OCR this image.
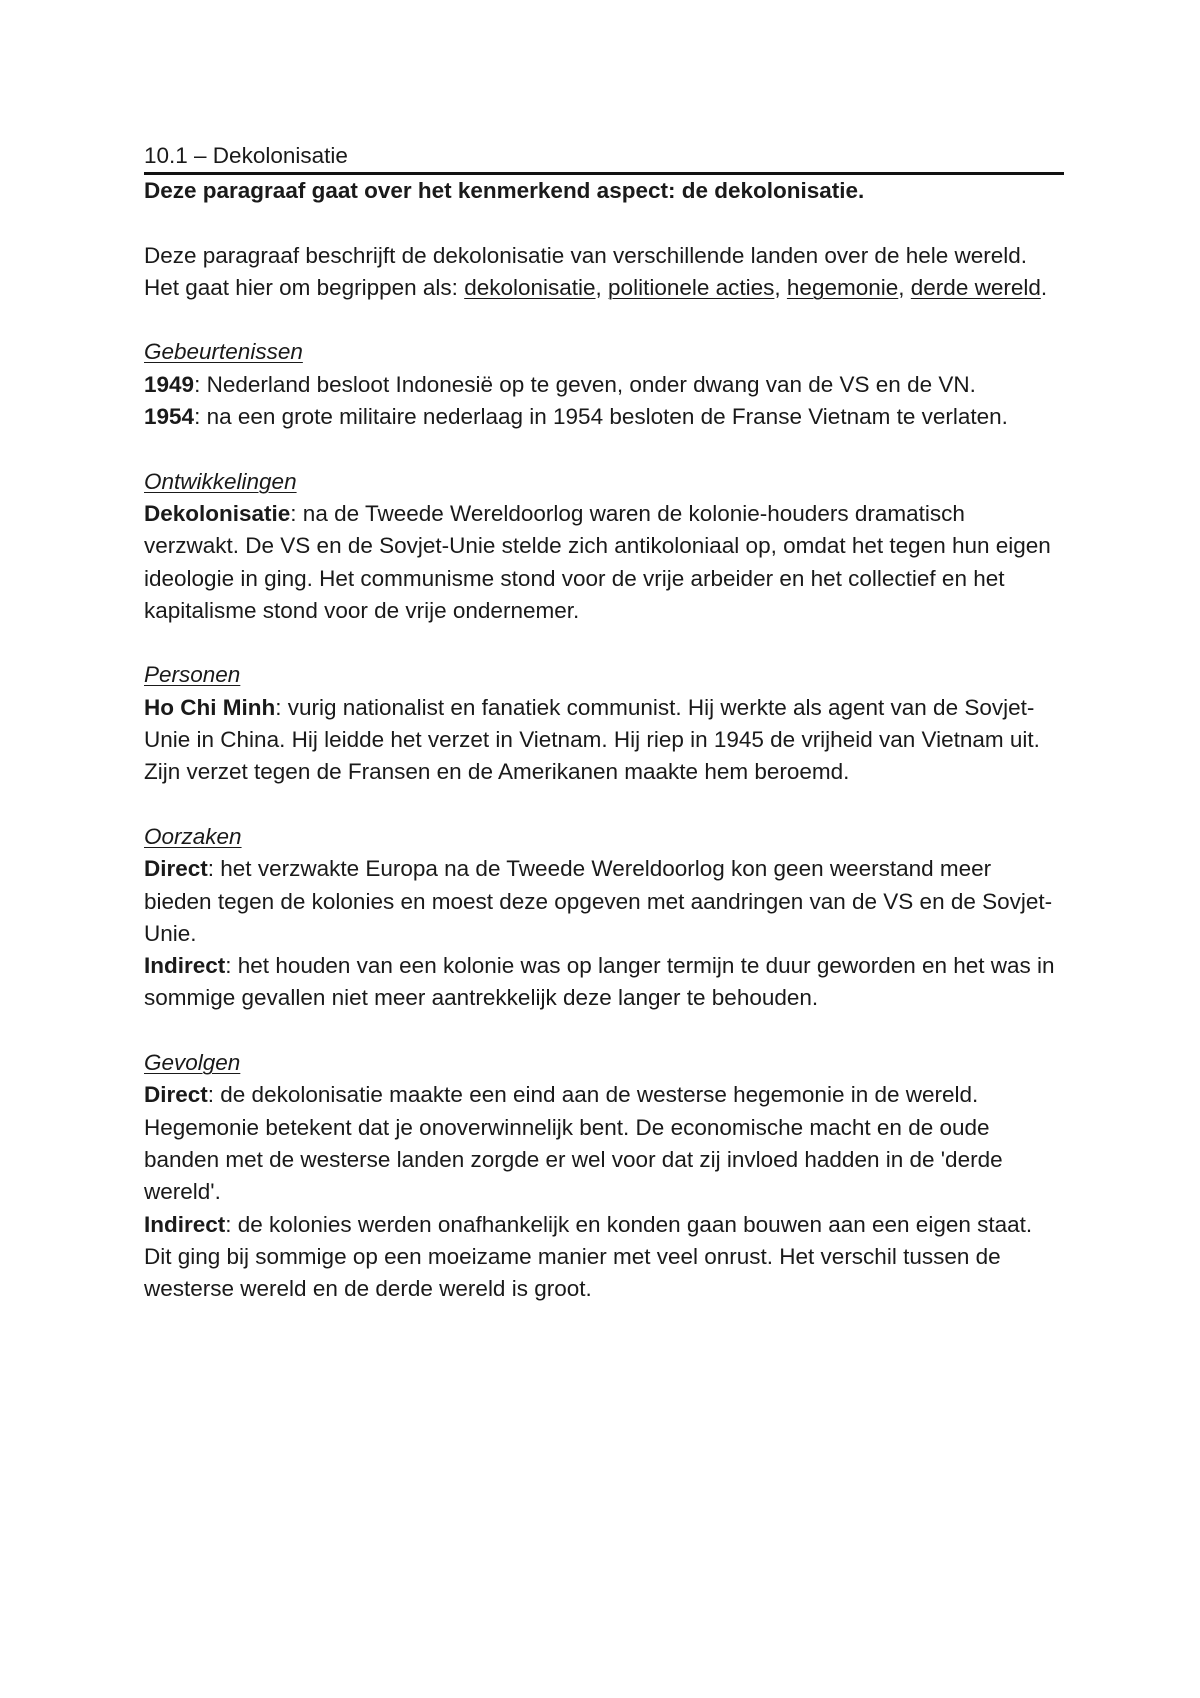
10.1 – Dekolonisatie
Deze paragraaf gaat over het kenmerkend aspect: de dekolonisatie.

Deze paragraaf beschrijft de dekolonisatie van verschillende landen over de hele wereld. Het gaat hier om begrippen als: dekolonisatie, politionele acties, hegemonie, derde wereld.

Gebeurtenissen

1949: Nederland besloot Indonesië op te geven, onder dwang van de VS en de VN.

1954: na een grote militaire nederlaag in 1954 besloten de Franse Vietnam te verlaten.

Ontwikkelingen

Dekolonisatie: na de Tweede Wereldoorlog waren de kolonie-houders dramatisch verzwakt. De VS en de Sovjet-Unie stelde zich antikoloniaal op, omdat het tegen hun eigen ideologie in ging. Het communisme stond voor de vrije arbeider en het collectief en het kapitalisme stond voor de vrije ondernemer.

Personen

Ho Chi Minh: vurig nationalist en fanatiek communist. Hij werkte als agent van de Sovjet-Unie in China. Hij leidde het verzet in Vietnam. Hij riep in 1945 de vrijheid van Vietnam uit. Zijn verzet tegen de Fransen en de Amerikanen maakte hem beroemd.

Oorzaken

Direct: het verzwakte Europa na de Tweede Wereldoorlog kon geen weerstand meer bieden tegen de kolonies en moest deze opgeven met aandringen van de VS en de Sovjet-Unie.

Indirect: het houden van een kolonie was op langer termijn te duur geworden en het was in sommige gevallen niet meer aantrekkelijk deze langer te behouden.

Gevolgen

Direct: de dekolonisatie maakte een eind aan de westerse hegemonie in de wereld. Hegemonie betekent dat je onoverwinnelijk bent. De economische macht en de oude banden met de westerse landen zorgde er wel voor dat zij invloed hadden in de 'derde wereld'.

Indirect: de kolonies werden onafhankelijk en konden gaan bouwen aan een eigen staat. Dit ging bij sommige op een moeizame manier met veel onrust. Het verschil tussen de westerse wereld en de derde wereld is groot.
